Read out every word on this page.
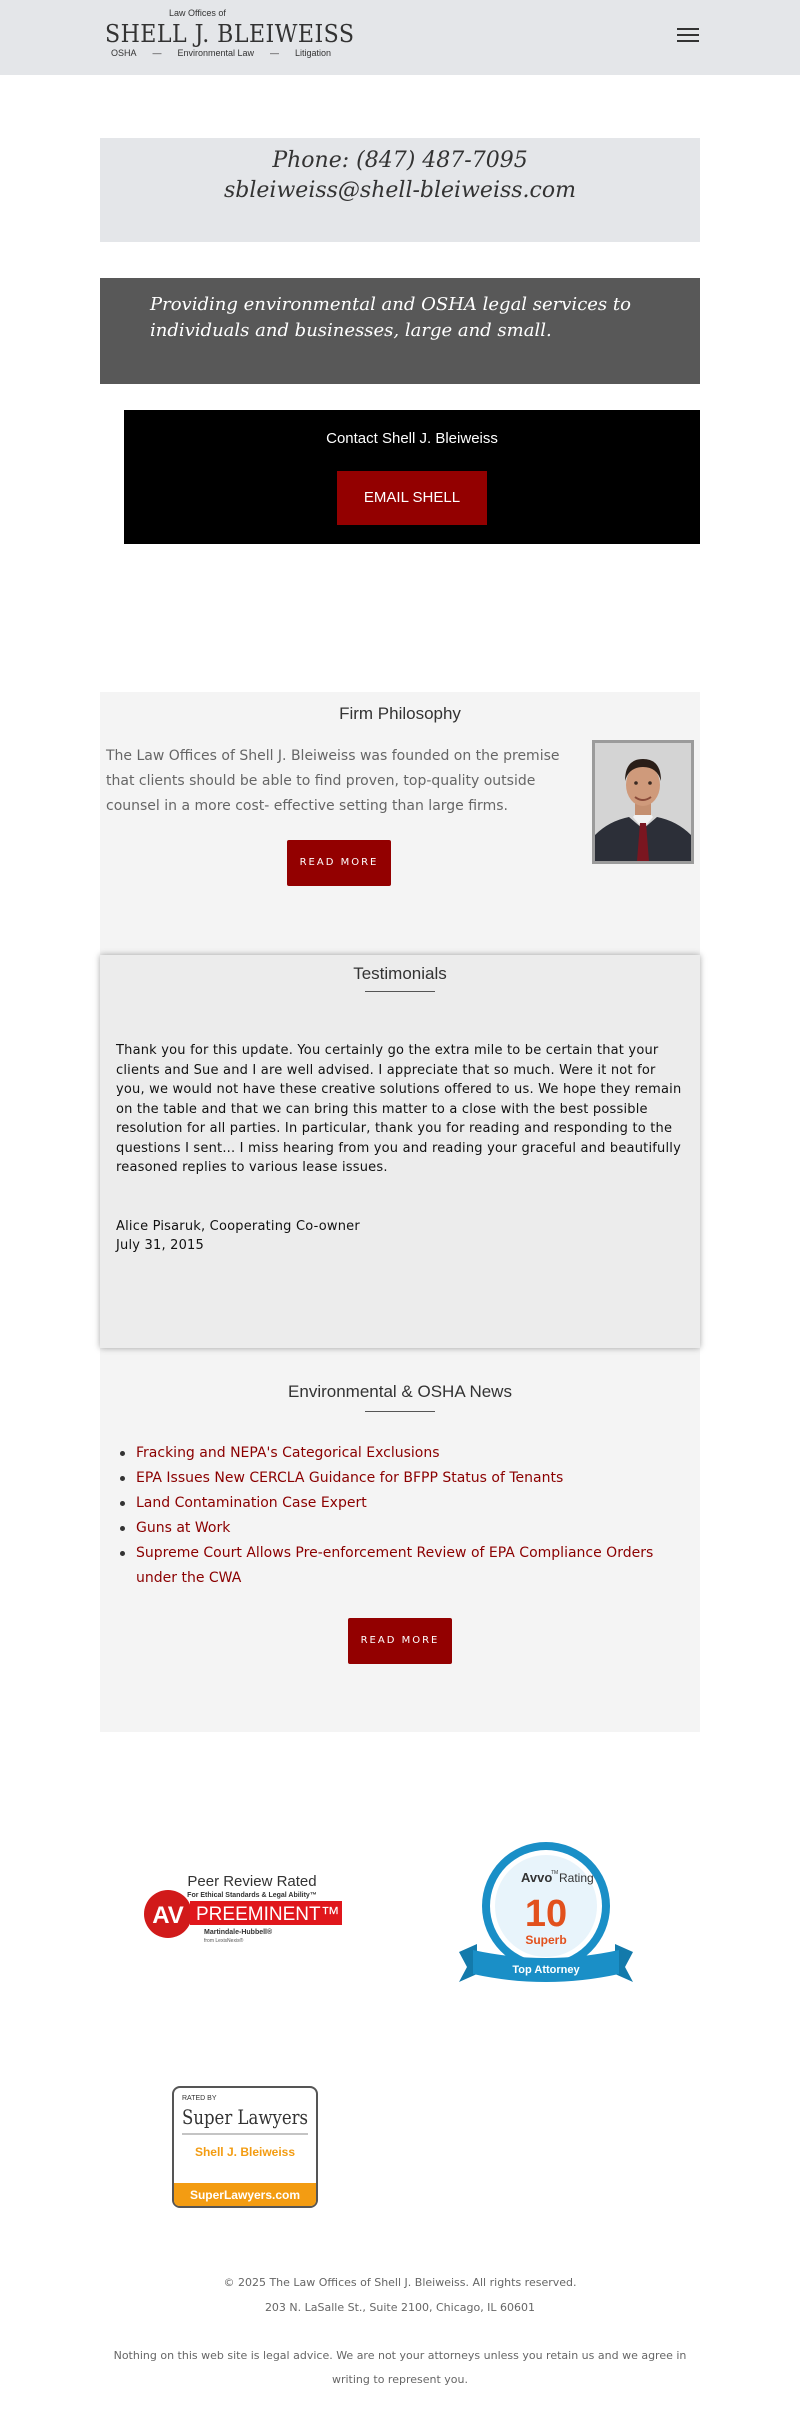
Law Offices of
SHELL J. BLEIWEISS
OSHA — Environmental Law — Litigation
Phone: (847) 487-7095
sbleiweiss@shell-bleiweiss.com

Providing environmental and OSHA legal services to individuals and businesses, large and small.

Contact Shell J. Bleiweiss
EMAIL SHELL
Firm Philosophy

The Law Offices of Shell J. Bleiweiss was founded on the premise that clients should be able to find proven, top-quality outside counsel in a more cost- effective setting than large firms.

READ MORE
Environmental & OSHA News
Fracking and NEPA's Categorical Exclusions
EPA Issues New CERCLA Guidance for BFPP Status of Tenants
Land Contamination Case Expert
Guns at Work
Supreme Court Allows Pre-enforcement Review of EPA Compliance Orders under the CWA
READ MORE
Testimonials

Thank you for this update. You certainly go the extra mile to be certain that your clients and Sue and I are well advised. I appreciate that so much. Were it not for you, we would not have these creative solutions offered to us. We hope they remain on the table and that we can bring this matter to a close with the best possible resolution for all parties. In particular, thank you for reading and responding to the questions I sent... I miss hearing from you and reading your graceful and beautifully reasoned replies to various lease issues.

Alice Pisaruk, Cooperating Co-owner
July 31, 2015
AV
Peer Review Rated
For Ethical Standards & Legal Ability™
PREEMINENT™
Martindale-Hubbell®
from LexisNexis®
Avvo
TM Rating
10
Superb
Top Attorney
RATED BY
Super Lawyers
Shell J. Bleiweiss
SuperLawyers.com
© 2025 The Law Offices of Shell J. Bleiweiss. All rights reserved.
203 N. LaSalle St., Suite 2100, Chicago, IL 60601
Nothing on this web site is legal advice. We are not your attorneys unless you retain us and we agree in writing to represent you.
